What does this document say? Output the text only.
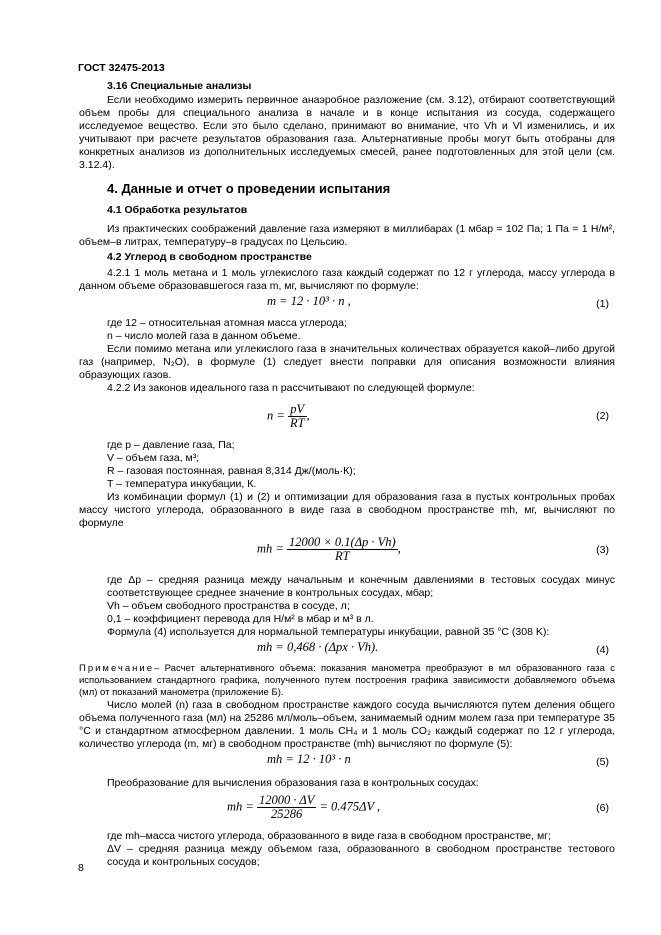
ГОСТ 32475-2013

3.16 Специальные анализы

Если необходимо измерить первичное анаэробное разложение (см. 3.12), отбирают соответствующий объем пробы для специального анализа в начале и в конце испытания из сосуда, содержащего исследуемое вещество. Если это было сделано, принимают во внимание, что Vh и Vl изменились, и их учитывают при расчете результатов образования газа. Альтернативные пробы могут быть отобраны для конкретных анализов из дополнительных исследуемых смесей, ранее подготовленных для этой цели (см. 3.12.4).

4. Данные и отчет о проведении испытания

4.1 Обработка результатов

Из практических соображений давление газа измеряют в миллибарах (1 мбар = 102 Па; 1 Па = 1 Н/м², объем–в литрах, температуру–в градусах по Цельсию.

4.2 Углерод в свободном пространстве

4.2.1 1 моль метана и 1 моль углекислого газа каждый содержат по 12 г углерода, массу углерода в данном объеме образовавшегося газа m, мг, вычисляют по формуле:

m = 12 · 10³ · n ,	(1)

где 12 – относительная атомная масса углерода;

n – число молей газа в данном объеме.

Если помимо метана или углекислого газа в значительных количествах образуется какой–либо другой газ (например, N₂O), в формуле (1) следует внести поправки для описания возможности влияния образующих газов.

4.2.2 Из законов идеального газа n рассчитывают по следующей формуле:

$n = \frac{pV}{RT}$ ,	(2)

где p – давление газа, Па;

V – объем газа, м³;

R – газовая постоянная, равная 8,314 Дж/(моль·К);

T – температура инкубации, К.

Из комбинации формул (1) и (2) и оптимизации для образования газа в пустых контрольных пробах массу чистого углерода, образованного в виде газа в свободном пространстве mh, мг, вычисляют по формуле

mh = $\frac{12000 \times 0.1(\Delta p \cdot Vh)}{RT}$ ,	(3)

где Δp – средняя разница между начальным и конечным давлениями в тестовых сосудах минус соответствующее среднее значение в контрольных сосудах, мбар;

Vh – объем свободного пространства в сосуде, л;

0,1 – коэффициент перевода для Н/м² в мбар и м³ в л.

Формула (4) используется для нормальной температуры инкубации, равной 35 °С (308 K):

mh = 0,468 · (Δpx · Vh).	(4)

Примечание– Расчет альтернативного объема: показания манометра преобразуют в мл образованного газа с использованием стандартного графика, полученного путем построения графика зависимости добавляемого объема (мл) от показаний манометра (приложение Б).

Число молей (n) газа в свободном пространстве каждого сосуда вычисляются путем деления общего объема полученного газа (мл) на 25286 мл/моль–объем, занимаемый одним молем газа при температуре 35 °С и стандартном атмосферном давлении. 1 моль CH₄ и 1 моль CO₂ каждый содержат по 12 г углерода, количество углерода (m, мг) в свободном пространстве (mh) вычисляют по формуле (5):

mh = 12 · 10³ · n	(5)

Преобразование для вычисления образования газа в контрольных сосудах:

mh = $\frac{12000 \cdot \Delta V}{25286} = 0.475\Delta V$ ,	(6)

где mh–масса чистого углерода, образованного в виде газа в свободном пространстве, мг;

ΔV – средняя разница между объемом газа, образованного в свободном пространстве тестового сосуда и контрольных сосудов;

8
